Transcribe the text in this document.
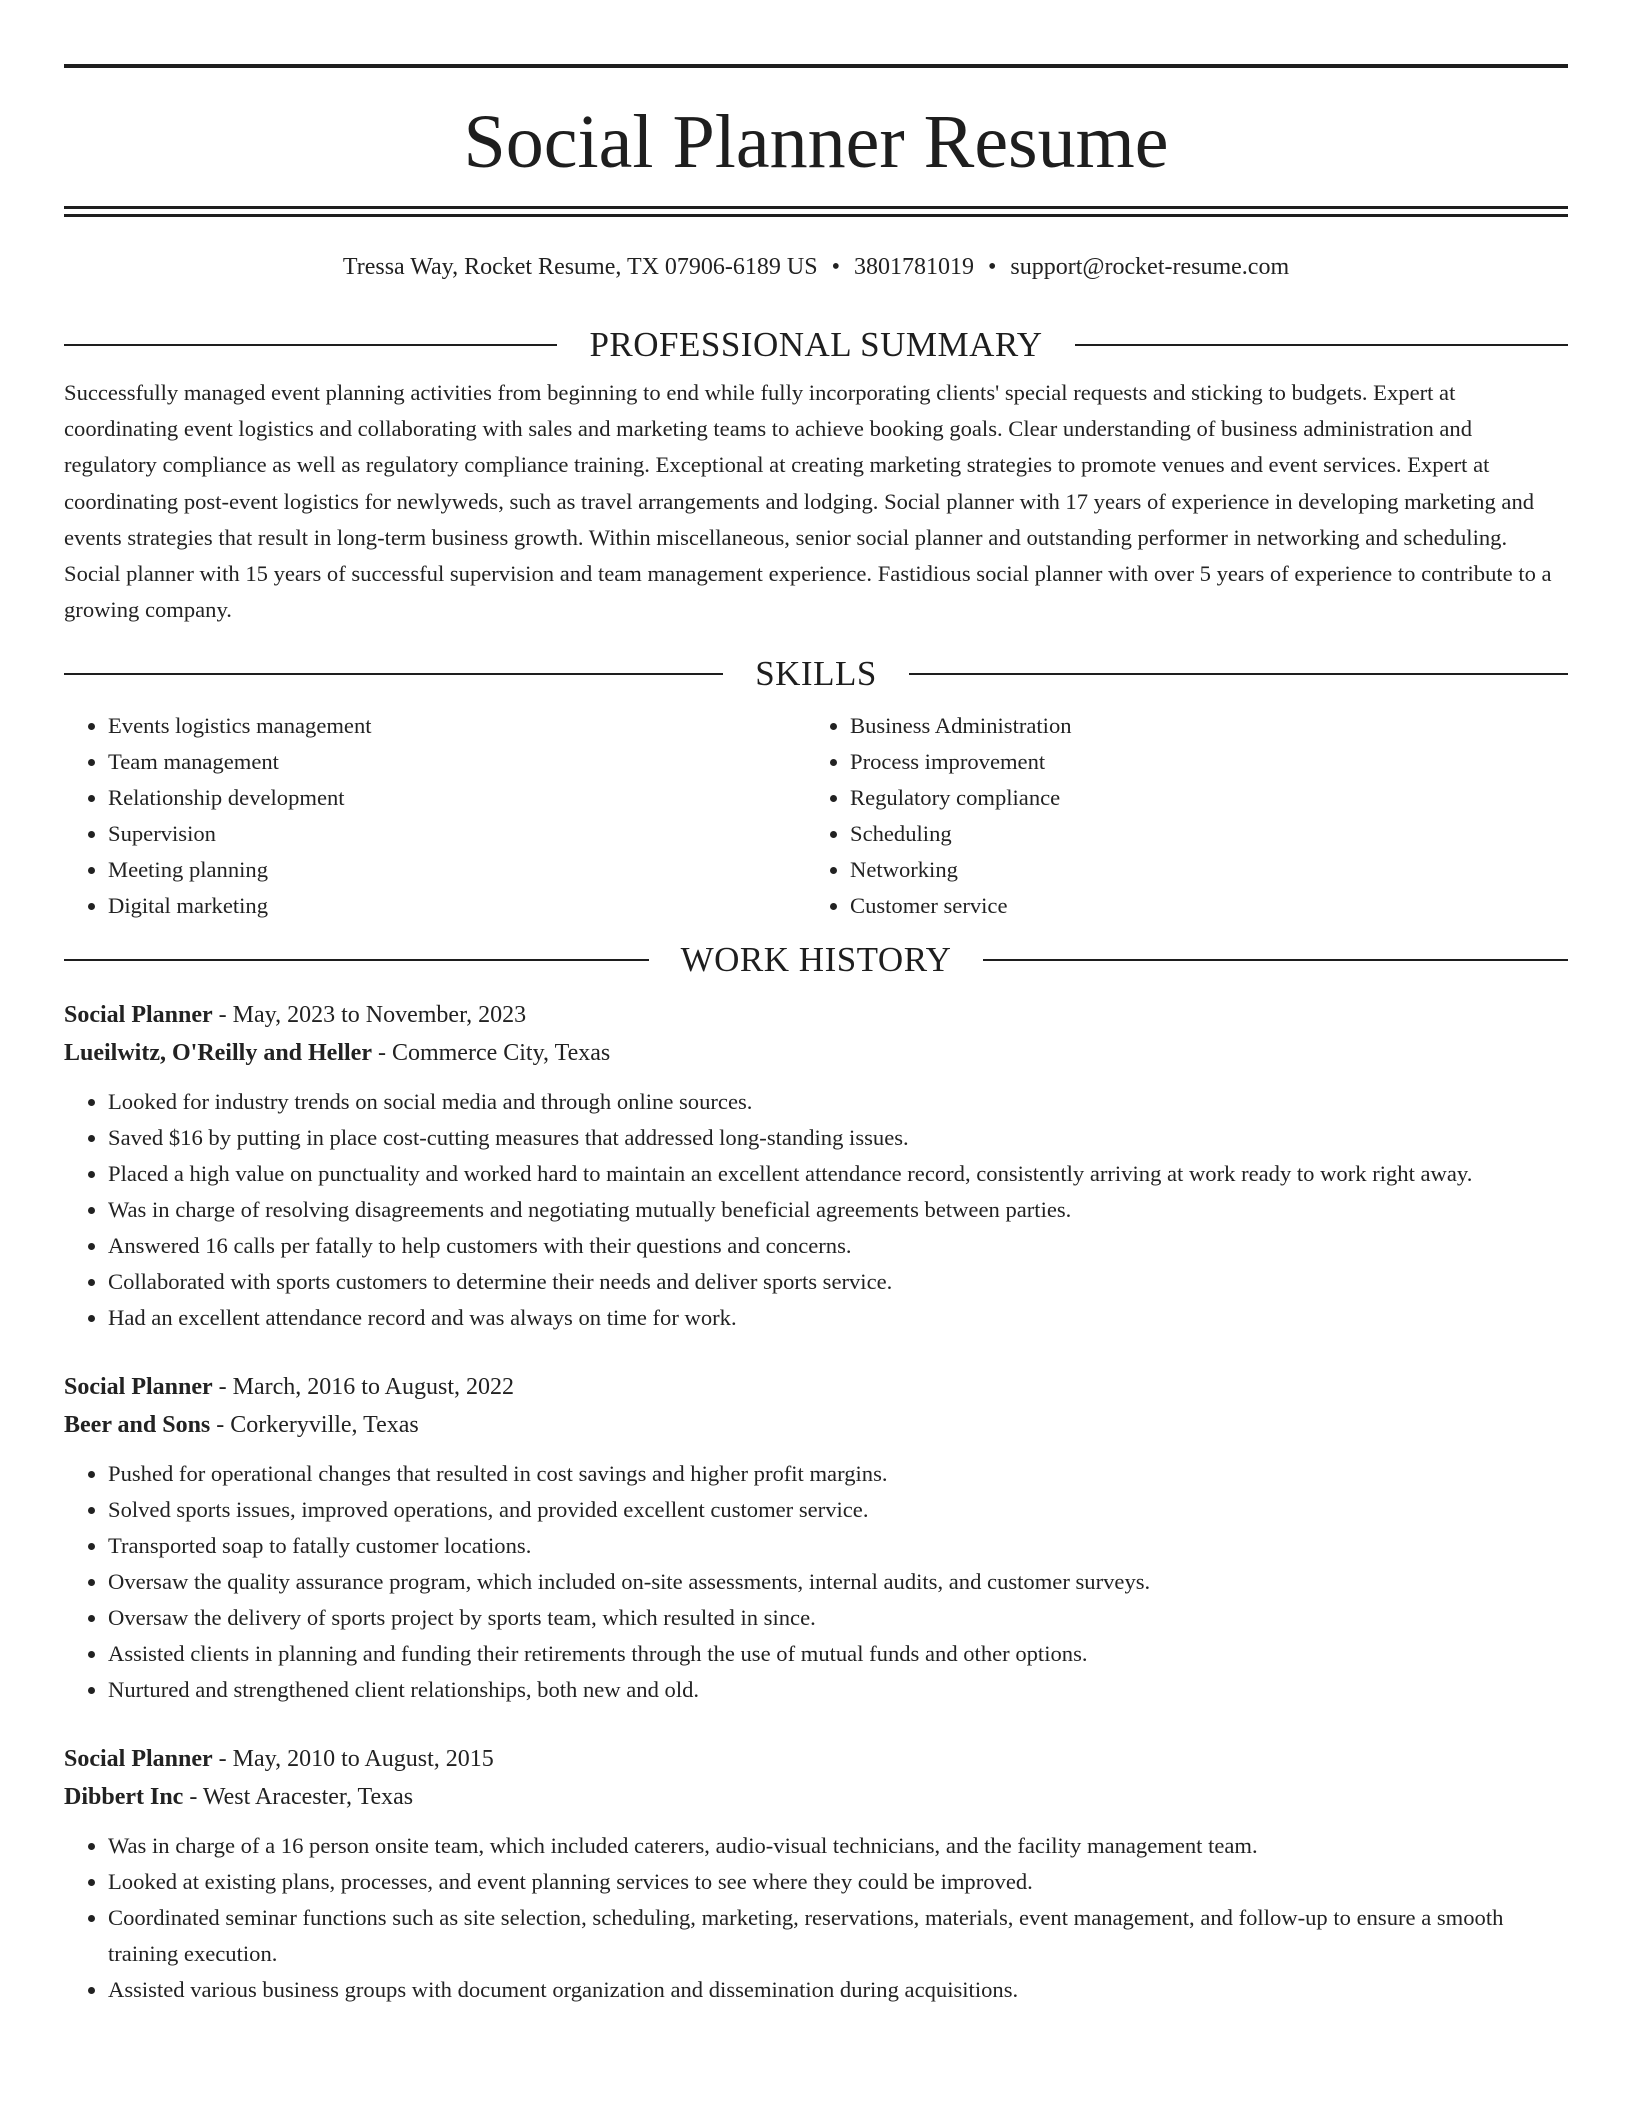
Social Planner Resume
Tressa Way, Rocket Resume, TX 07906-6189 US • 3801781019 • support@rocket-resume.com
PROFESSIONAL SUMMARY

Successfully managed event planning activities from beginning to end while fully incorporating clients' special requests and sticking to budgets. Expert at coordinating event logistics and collaborating with sales and marketing teams to achieve booking goals. Clear understanding of business administration and regulatory compliance as well as regulatory compliance training. Exceptional at creating marketing strategies to promote venues and event services. Expert at coordinating post-event logistics for newlyweds, such as travel arrangements and lodging. Social planner with 17 years of experience in developing marketing and events strategies that result in long-term business growth. Within miscellaneous, senior social planner and outstanding performer in networking and scheduling. Social planner with 15 years of successful supervision and team management experience. Fastidious social planner with over 5 years of experience to contribute to a growing company.

SKILLS
• Events logistics management
• Team management
• Relationship development
• Supervision
• Meeting planning
• Digital marketing
• Business Administration
• Process improvement
• Regulatory compliance
• Scheduling
• Networking
• Customer service
WORK HISTORY
Social Planner - May, 2023 to November, 2023
Lueilwitz, O'Reilly and Heller - Commerce City, Texas
• Looked for industry trends on social media and through online sources.
• Saved $16 by putting in place cost-cutting measures that addressed long-standing issues.
• Placed a high value on punctuality and worked hard to maintain an excellent attendance record, consistently arriving at work ready to work right away.
• Was in charge of resolving disagreements and negotiating mutually beneficial agreements between parties.
• Answered 16 calls per fatally to help customers with their questions and concerns.
• Collaborated with sports customers to determine their needs and deliver sports service.
• Had an excellent attendance record and was always on time for work.
Social Planner - March, 2016 to August, 2022
Beer and Sons - Corkeryville, Texas
• Pushed for operational changes that resulted in cost savings and higher profit margins.
• Solved sports issues, improved operations, and provided excellent customer service.
• Transported soap to fatally customer locations.
• Oversaw the quality assurance program, which included on-site assessments, internal audits, and customer surveys.
• Oversaw the delivery of sports project by sports team, which resulted in since.
• Assisted clients in planning and funding their retirements through the use of mutual funds and other options.
• Nurtured and strengthened client relationships, both new and old.
Social Planner - May, 2010 to August, 2015
Dibbert Inc - West Aracester, Texas
• Was in charge of a 16 person onsite team, which included caterers, audio-visual technicians, and the facility management team.
• Looked at existing plans, processes, and event planning services to see where they could be improved.
• Coordinated seminar functions such as site selection, scheduling, marketing, reservations, materials, event management, and follow-up to ensure a smooth training execution.
• Assisted various business groups with document organization and dissemination during acquisitions.
